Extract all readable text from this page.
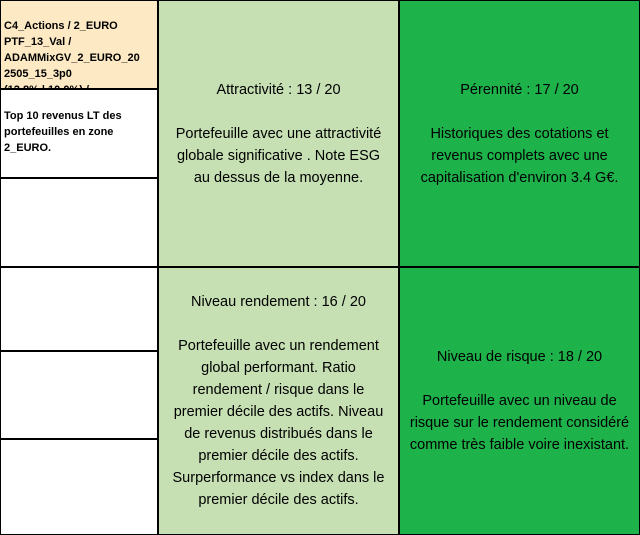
C4_Actions / 2_EURO
PTF_13_Val /
ADAMMixGV_2_EURO_20
2505_15_3p0

Top 10 revenus LT des portefeuilles en zone 2_EURO.
Attractivité : 13 / 20
Portefeuille avec une attractivité globale significative . Note ESG au dessus de la moyenne.
Pérennité : 17 / 20
Historiques des cotations et revenus complets avec une capitalisation d'environ 3.4 G€.
Niveau rendement : 16 / 20
Portefeuille avec un rendement global performant. Ratio rendement / risque dans le premier décile des actifs. Niveau de revenus distribués dans le premier décile des actifs. Surperformance vs index dans le premier décile des actifs.
Niveau de risque : 18 / 20
Portefeuille avec un niveau de risque sur le rendement considéré comme très faible voire inexistant.
